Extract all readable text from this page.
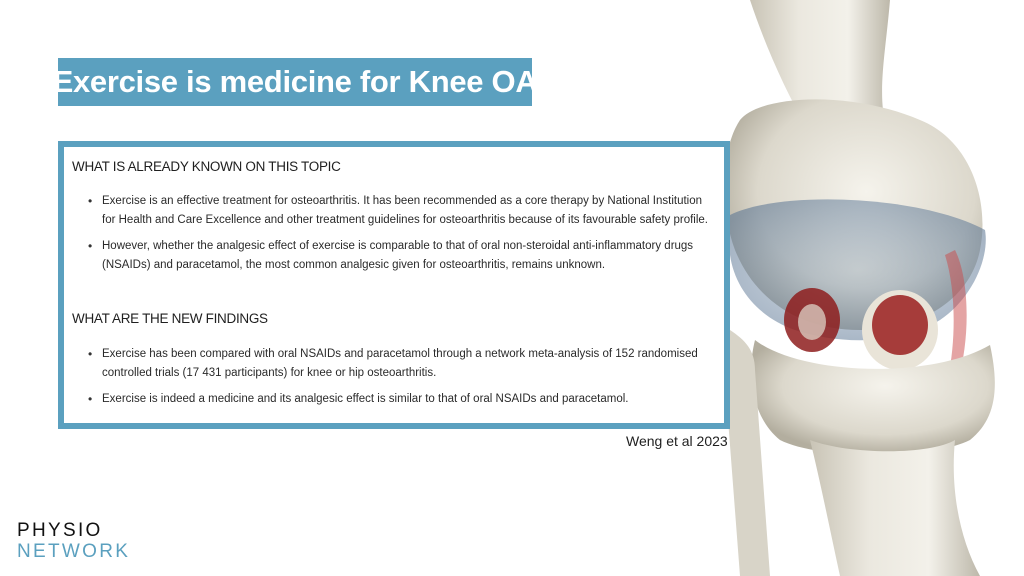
Exercise is medicine for Knee OA
WHAT IS ALREADY KNOWN ON THIS TOPIC
• Exercise is an effective treatment for osteoarthritis. It has been recommended as a core therapy by National Institution for Health and Care Excellence and other treatment guidelines for osteoarthritis because of its favourable safety profile.
• However, whether the analgesic effect of exercise is comparable to that of oral non-steroidal anti-inflammatory drugs (NSAIDs) and paracetamol, the most common analgesic given for osteoarthritis, remains unknown.
WHAT ARE THE NEW FINDINGS
• Exercise has been compared with oral NSAIDs and paracetamol through a network meta-analysis of 152 randomised controlled trials (17 431 participants) for knee or hip osteoarthritis.
• Exercise is indeed a medicine and its analgesic effect is similar to that of oral NSAIDs and paracetamol.
Weng et al 2023
PHYSIO
NETWORK
